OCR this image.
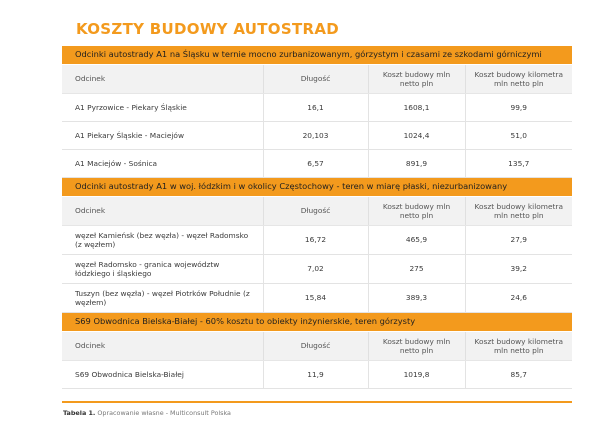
KOSZTY BUDOWY AUTOSTRAD
Odcinki autostrady A1 na Śląsku w ternie mocno zurbanizowanym, górzystym i czasami ze szkodami górniczymi			
Odcinek	Długość	Koszt budowy mln netto pln	Koszt budowy kilometra mln netto pln
A1 Pyrzowice - Piekary Śląskie	16,1	1608,1	99,9
A1 Piekary Śląskie - Maciejów	20,103	1024,4	51,0
A1 Maciejów - Sośnica	6,57	891,9	135,7
Odcinki autostrady A1 w woj. łódzkim i w okolicy Częstochowy - teren w miarę płaski, niezurbanizowany			
Odcinek	Długość	Koszt budowy mln netto pln	Koszt budowy kilometra mln netto pln
węzeł Kamieńsk (bez węzła) - węzeł Radomsko (z węzłem)	16,72	465,9	27,9
węzeł Radomsko - granica województw łódzkiego i śląskiego	7,02	275	39,2
Tuszyn (bez węzła) - węzeł Piotrków Południe (z węzłem)	15,84	389,3	24,6
S69 Obwodnica Bielska-Białej - 60% kosztu to obiekty inżynierskie, teren górzysty			
Odcinek	Długość	Koszt budowy mln netto pln	Koszt budowy kilometra mln netto pln
S69 Obwodnica Bielska-Białej	11,9	1019,8	85,7
Tabela 1. Opracowanie własne - Multiconsult Polska
